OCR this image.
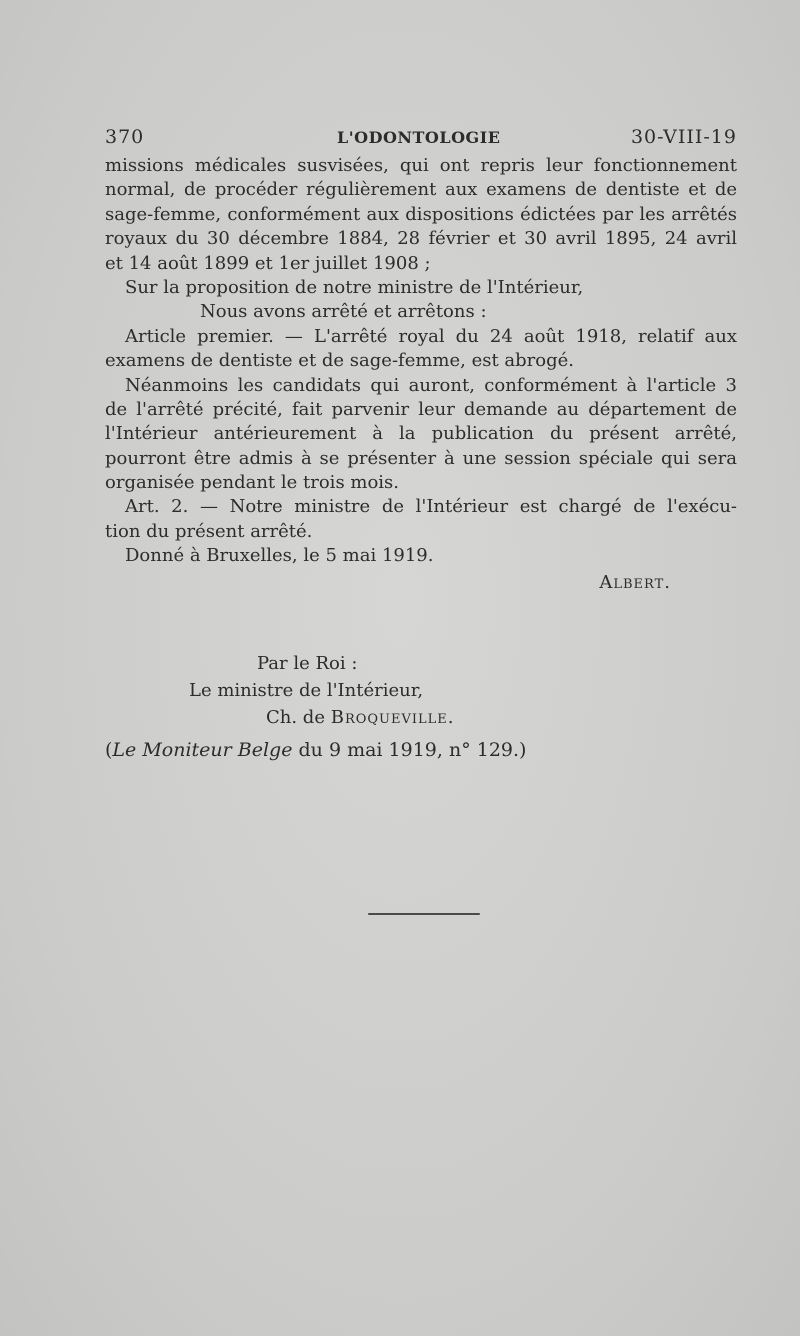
370	L'ODONTOLOGIE	30-VIII-19
missions médicales susvisées, qui ont repris leur fonctionnement
normal, de procéder régulièrement aux examens de dentiste et de
sage-femme, conformément aux dispositions édictées par les arrêtés
royaux du 30 décembre 1884, 28 février et 30 avril 1895, 24 avril
et 14 août 1899 et 1er juillet 1908 ;
Sur la proposition de notre ministre de l'Intérieur,
Nous avons arrêté et arrêtons :
Article premier. — L'arrêté royal du 24 août 1918, relatif aux
examens de dentiste et de sage-femme, est abrogé.
Néanmoins les candidats qui auront, conformément à l'article 3
de l'arrêté précité, fait parvenir leur demande au département de
l'Intérieur antérieurement à la publication du présent arrêté,
pourront être admis à se présenter à une session spéciale qui sera
organisée pendant le trois mois.
Art. 2. — Notre ministre de l'Intérieur est chargé de l'exécu-
tion du présent arrêté.
Donné à Bruxelles, le 5 mai 1919.
Albert.
Par le Roi :
Le ministre de l'Intérieur,
Ch. de Broqueville.
(Le Moniteur Belge du 9 mai 1919, n° 129.)
